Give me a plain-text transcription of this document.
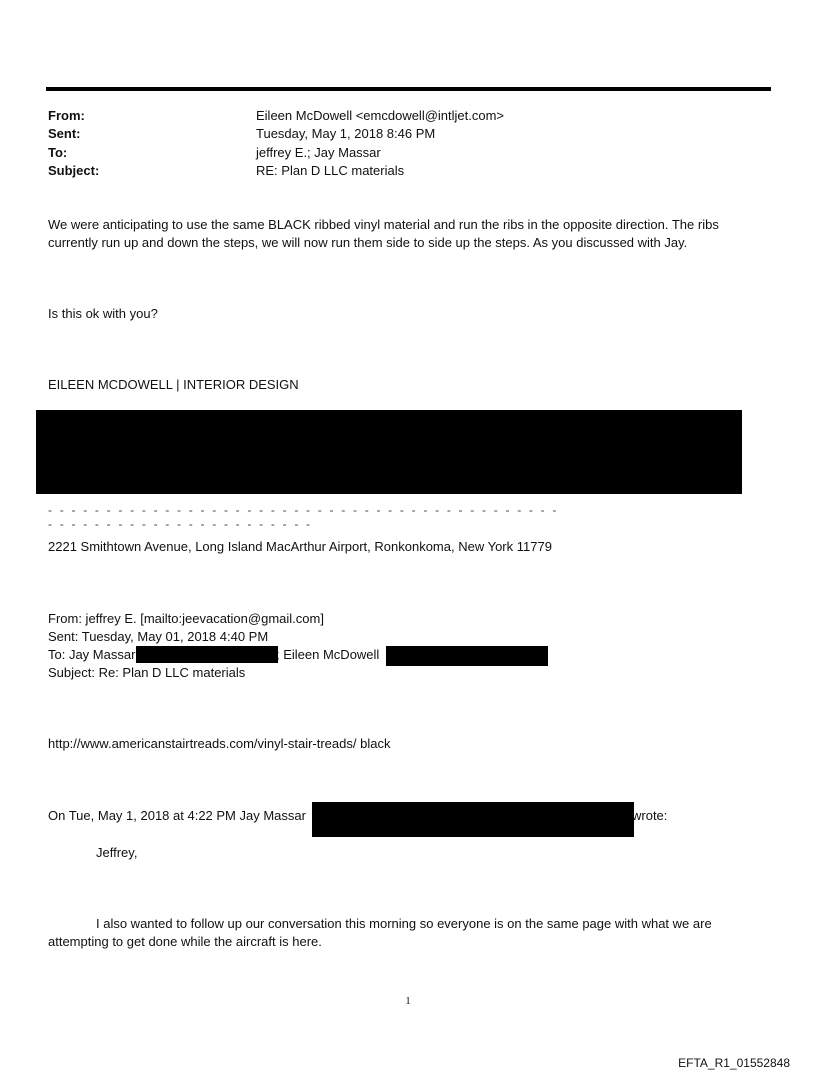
From:	Eileen McDowell <emcdowell@intljet.com>
Sent:	Tuesday, May 1, 2018 8:46 PM
To:	jeffrey E.; Jay Massar
Subject:	RE: Plan D LLC materials
We were anticipating to use the same BLACK ribbed vinyl material and run the ribs in the opposite direction. The ribs
currently run up and down the steps, we will now run them side to side up the steps. As you discussed with Jay.
Is this ok with you?
EILEEN MCDOWELL | INTERIOR DESIGN
- - - - - - - - - - - - - - - - - - - - - - - - - - - - - - - - - - - - - - - - - - - - - - - - - - - - - - - - - - - - - - - - - - -
2221 Smithtown Avenue, Long Island MacArthur Airport, Ronkonkoma, New York 11779
From: jeffrey E. [mailto:jeevacation@gmail.com]
Sent: Tuesday, May 01, 2018 4:40 PM
To: Jay Massar	; Eileen McDowell
Subject: Re: Plan D LLC materials
http://www.americanstairtreads.com/vinyl-stair-treads/ black
On Tue, May 1, 2018 at 4:22 PM Jay Massar	wrote:
Jeffrey,
I also wanted to follow up our conversation this morning so everyone is on the same page with what we are
attempting to get done while the aircraft is here.
1
EFTA_R1_01552848
